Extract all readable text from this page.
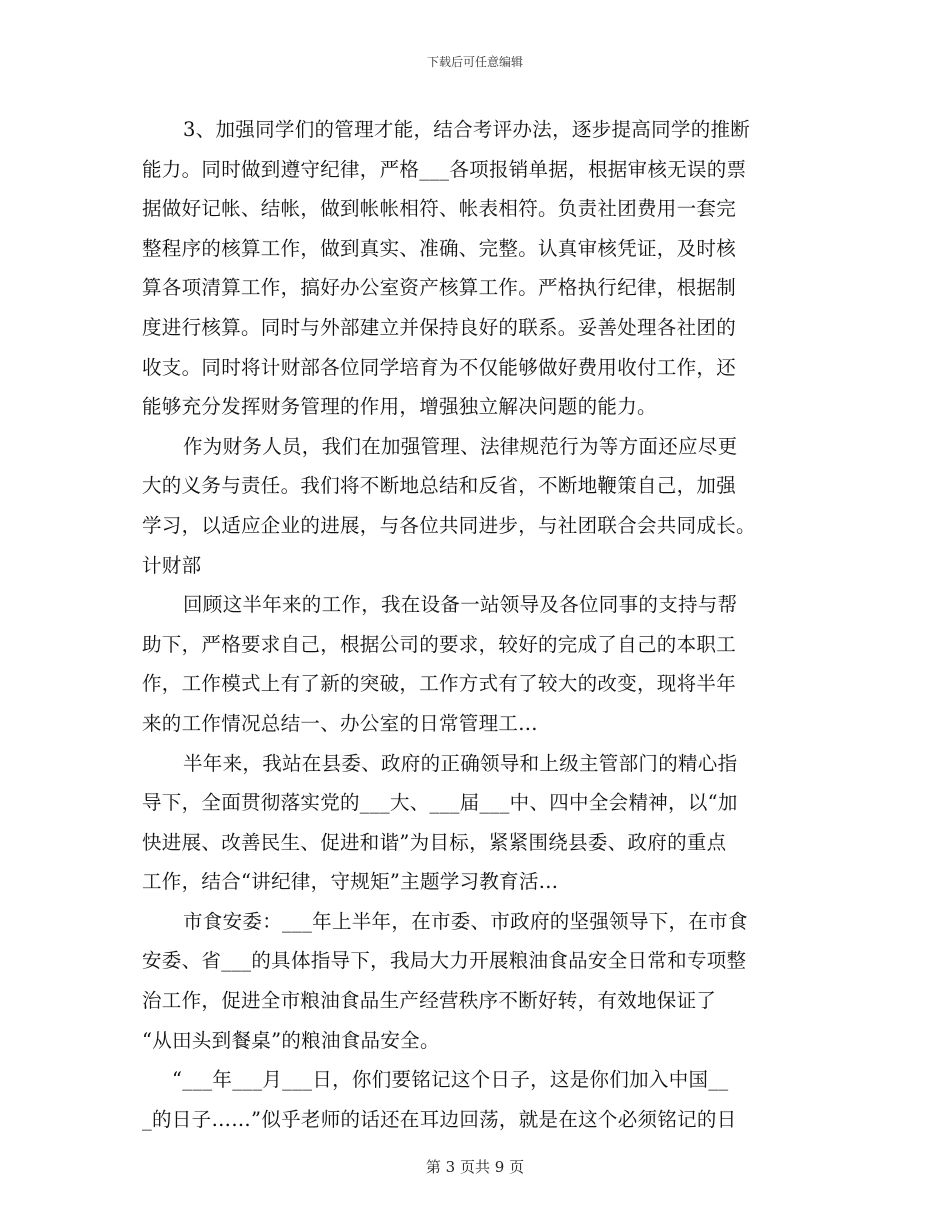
下载后可任意编辑
3、加强同学们的管理才能，结合考评办法，逐步提高同学的推断
能力。同时做到遵守纪律，严格___各项报销单据，根据审核无误的票
据做好记帐、结帐，做到帐帐相符、帐表相符。负责社团费用一套完
整程序的核算工作，做到真实、准确、完整。认真审核凭证，及时核
算各项清算工作，搞好办公室资产核算工作。严格执行纪律，根据制
度进行核算。同时与外部建立并保持良好的联系。妥善处理各社团的
收支。同时将计财部各位同学培育为不仅能够做好费用收付工作，还
能够充分发挥财务管理的作用，增强独立解决问题的能力。
作为财务人员，我们在加强管理、法律规范行为等方面还应尽更
大的义务与责任。我们将不断地总结和反省，不断地鞭策自己，加强
学习，以适应企业的进展，与各位共同进步，与社团联合会共同成长。
计财部
回顾这半年来的工作，我在设备一站领导及各位同事的支持与帮
助下，严格要求自己，根据公司的要求，较好的完成了自己的本职工
作，工作模式上有了新的突破，工作方式有了较大的改变，现将半年
来的工作情况总结一、办公室的日常管理工...
半年来，我站在县委、政府的正确领导和上级主管部门的精心指
导下，全面贯彻落实党的___大、___届___中、四中全会精神，以“加
快进展、改善民生、促进和谐”为目标，紧紧围绕县委、政府的重点
工作，结合“讲纪律，守规矩”主题学习教育活...
市食安委：___年上半年，在市委、市政府的坚强领导下，在市食
安委、省___的具体指导下，我局大力开展粮油食品安全日常和专项整
治工作，促进全市粮油食品生产经营秩序不断好转，有效地保证了
“从田头到餐桌”的粮油食品安全。
“___年___月___日，你们要铭记这个日子，这是你们加入中国__
_的日子……”似乎老师的话还在耳边回荡，就是在这个必须铭记的日
第 3 页共 9 页
